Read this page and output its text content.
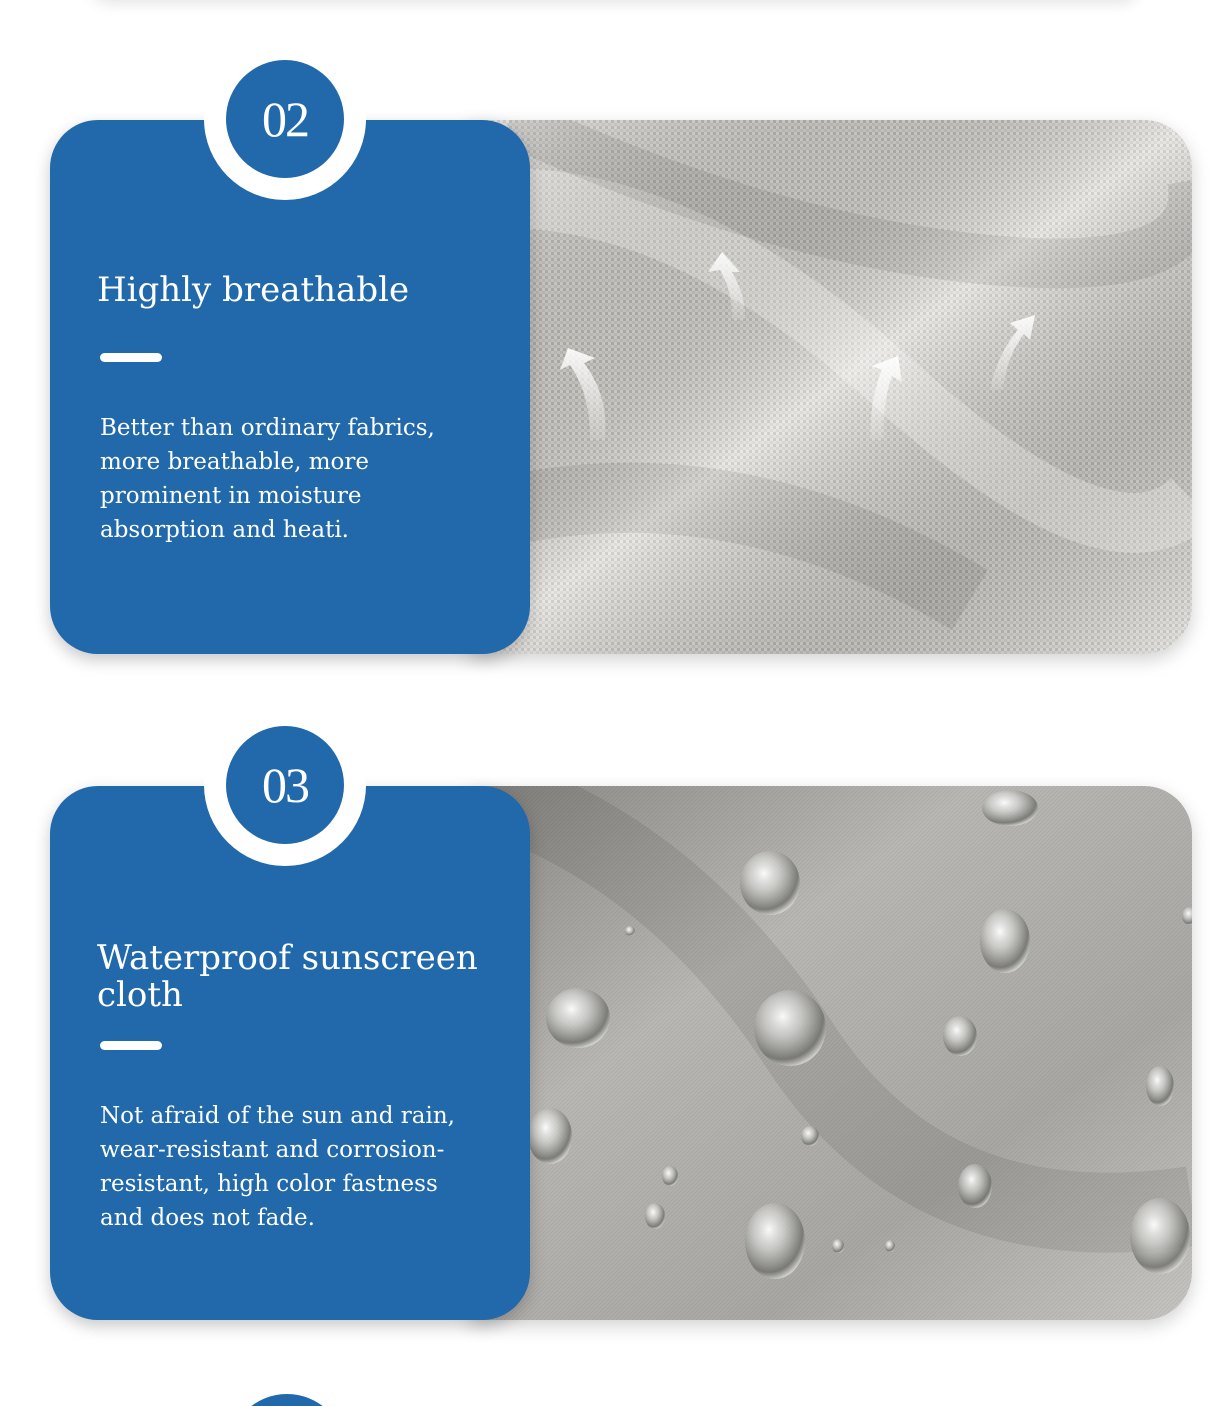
02
Highly breathable

Better than ordinary fabrics, more breathable, more prominent in moisture absorption and heati.

03
Waterproof sunscreen cloth

Not afraid of the sun and rain, wear-resistant and corrosion-resistant, high color fastness and does not fade.
